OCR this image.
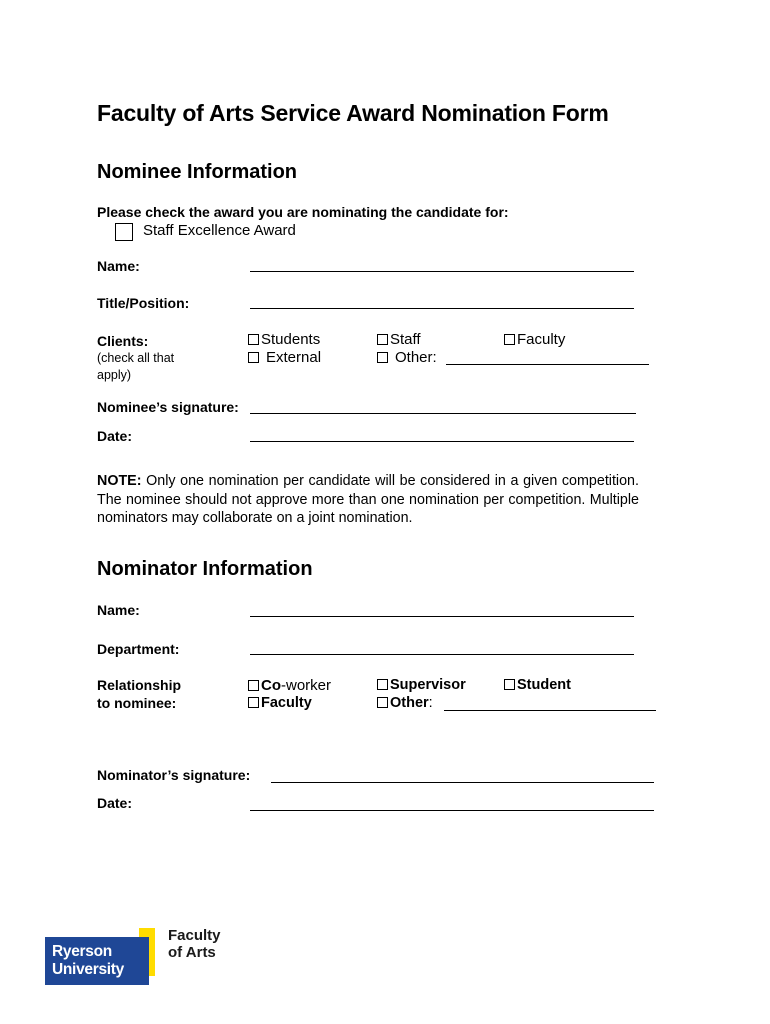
Faculty of Arts Service Award Nomination Form
Nominee Information
Please check the award you are nominating the candidate for:
Staff Excellence Award
Name:
Title/Position:
Clients:
(check all that apply)
Students	Staff	Faculty
External	Other:
Nominee’s signature:
Date:
NOTE: Only one nomination per candidate will be considered in a given competition. The nominee should not approve more than one nomination per competition. Multiple nominators may collaborate on a joint nomination.
Nominator Information
Name:
Department:
Relationship
to nominee:
Co-worker	Supervisor	Student
Faculty	Other:
Nominator’s signature:
Date:
Ryerson
University
Faculty
of Arts
